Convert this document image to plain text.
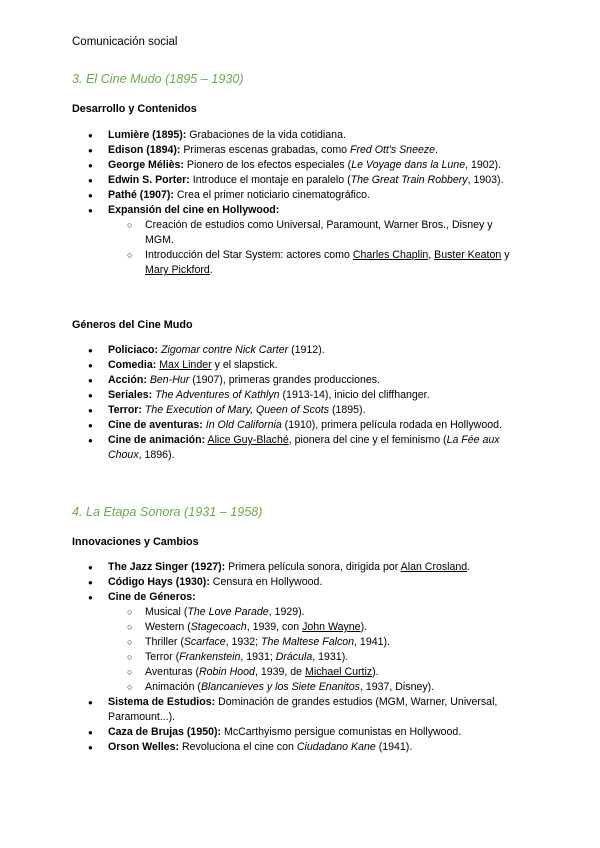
Comunicación social
3. El Cine Mudo (1895 – 1930)
Desarrollo y Contenidos
● Lumière (1895): Grabaciones de la vida cotidiana.
● Edison (1894): Primeras escenas grabadas, como Fred Ott's Sneeze.
● George Méliès: Pionero de los efectos especiales (Le Voyage dans la Lune, 1902).
● Edwin S. Porter: Introduce el montaje en paralelo (The Great Train Robbery, 1903).
● Pathé (1907): Crea el primer noticiario cinematográfico.
● Expansión del cine en Hollywood:
○ Creación de estudios como Universal, Paramount, Warner Bros., Disney y MGM.
○ Introducción del Star System: actores como Charles Chaplin, Buster Keaton y Mary Pickford.
Géneros del Cine Mudo
● Policiaco: Zigomar contre Nick Carter (1912).
● Comedia: Max Linder y el slapstick.
● Acción: Ben-Hur (1907), primeras grandes producciones.
● Seriales: The Adventures of Kathlyn (1913-14), inicio del cliffhanger.
● Terror: The Execution of Mary, Queen of Scots (1895).
● Cine de aventuras: In Old California (1910), primera película rodada en Hollywood.
● Cine de animación: Alice Guy-Blaché, pionera del cine y el feminismo (La Fée aux Choux, 1896).
4. La Etapa Sonora (1931 – 1958)
Innovaciones y Cambios
● The Jazz Singer (1927): Primera película sonora, dirigida por Alan Crosland.
● Código Hays (1930): Censura en Hollywood.
● Cine de Géneros:
○ Musical (The Love Parade, 1929).
○ Western (Stagecoach, 1939, con John Wayne).
○ Thriller (Scarface, 1932; The Maltese Falcon, 1941).
○ Terror (Frankenstein, 1931; Drácula, 1931).
○ Aventuras (Robin Hood, 1939, de Michael Curtiz).
○ Animación (Blancanieves y los Siete Enanitos, 1937, Disney).
● Sistema de Estudios: Dominación de grandes estudios (MGM, Warner, Universal, Paramount...).
● Caza de Brujas (1950): McCarthyismo persigue comunistas en Hollywood.
● Orson Welles: Revoluciona el cine con Ciudadano Kane (1941).
